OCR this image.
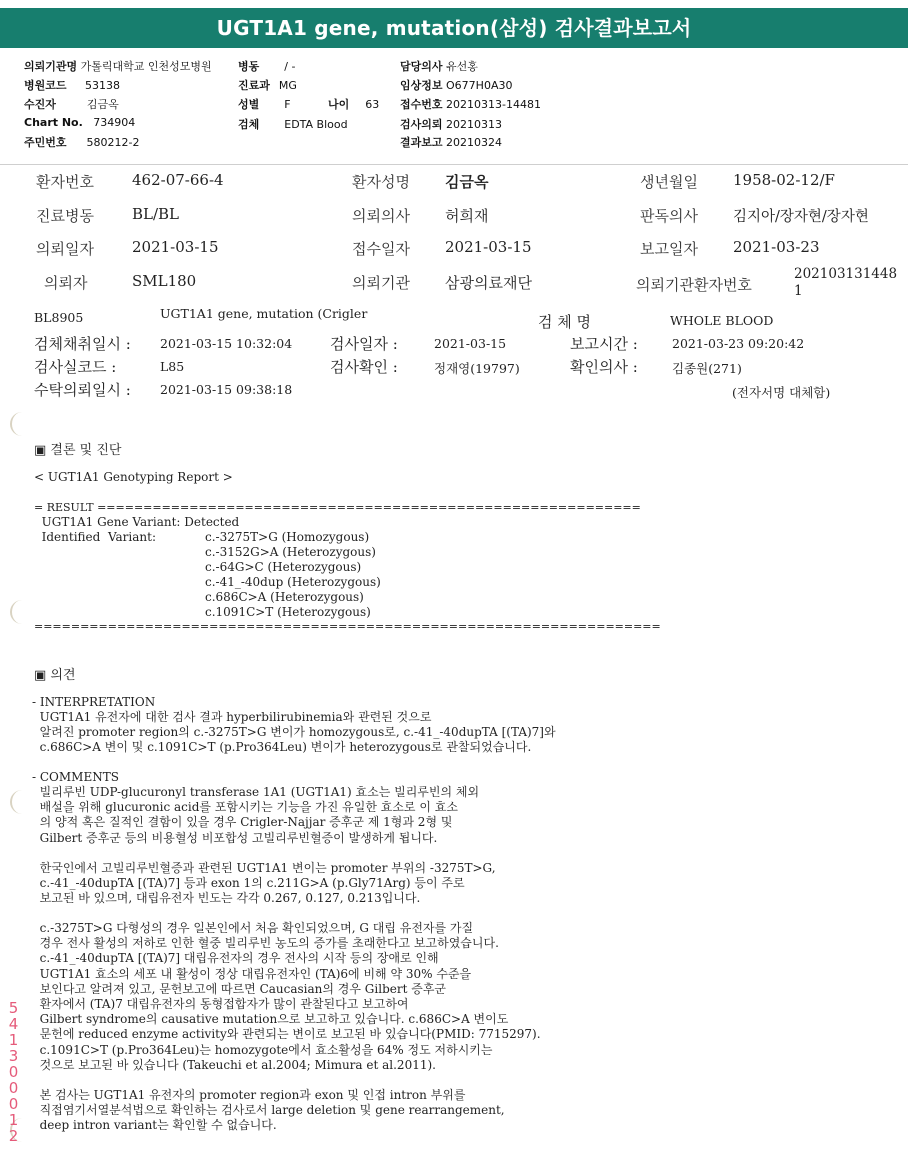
UGT1A1 gene, mutation(삼성) 검사결과보고서
의뢰기관명 가톨릭대학교 인천성모병원
병원코드 53138
수진자	김금옥
Chart No. 734904
주민번호 580212-2
병동 / -
진료과 MG
성별 F
검체 EDTA Blood
나이 63
담당의사 유선홍
임상정보 O677H0A30
접수번호 20210313-14481
검사의뢰 20210313
결과보고 20210324
환자번호	462-07-66-4	환자성명 김금옥	생년월일 1958-02-12/F
진료병동	BL/BL	의뢰의사 허희재	판독의사 김지아/장자현/장자현
의뢰일자	2021-03-15	접수일자 2021-03-15	보고일자 2021-03-23
의뢰자	SML180	의뢰기관 삼광의료재단	의뢰기관환자번호
202103131448
1
BL8905	UGT1A1 gene, mutation (Crigler	검 체 명	WHOLE BLOOD
검체채취일시 : 2021-03-15 10:32:04	검사일자 :	2021-03-15	보고시간 :	2021-03-23 09:20:42
검사실코드 :	L85	검사확인 :	정재영(19797)	확인의사 :	김종원(271)
수탁의뢰일시 : 2021-03-15 09:38:18	(전자서명 대체함)
▣ 결론 및 진단
< UGT1A1 Genotyping Report >
= RESULT ===========================================================
UGT1A1 Gene Variant: Detected
Identified  Variant:	c.-3275T>G (Homozygous)
c.-3152G>A (Heterozygous)
c.-64G>C (Heterozygous)
c.-41_-40dup (Heterozygous)
c.686C>A (Heterozygous)
c.1091C>T (Heterozygous)
====================================================================
▣ 의견
- INTERPRETATION
UGT1A1 유전자에 대한 검사 결과 hyperbilirubinemia와 관련된 것으로
알려진 promoter region의 c.-3275T>G 변이가 homozygous로, c.-41_-40dupTA [(TA)7]와
c.686C>A 변이 및 c.1091C>T (p.Pro364Leu) 변이가 heterozygous로 관찰되었습니다.
- COMMENTS
빌리루빈 UDP-glucuronyl transferase 1A1 (UGT1A1) 효소는 빌리루빈의 체외
배설을 위해 glucuronic acid를 포함시키는 기능을 가진 유일한 효소로 이 효소
의 양적 혹은 질적인 결함이 있을 경우 Crigler-Najjar 증후군 제 1형과 2형 및
Gilbert 증후군 등의 비용혈성 비포합성 고빌리루빈혈증이 발생하게 됩니다.
한국인에서 고빌리루빈혈증과 관련된 UGT1A1 변이는 promoter 부위의 -3275T>G,
c.-41_-40dupTA [(TA)7] 등과 exon 1의 c.211G>A (p.Gly71Arg) 등이 주로
보고된 바 있으며, 대립유전자 빈도는 각각 0.267, 0.127, 0.213입니다.
c.-3275T>G 다형성의 경우 일본인에서 처음 확인되었으며, G 대립 유전자를 가질
경우 전사 활성의 저하로 인한 혈중 빌리루빈 농도의 증가를 초래한다고 보고하였습니다.
c.-41_-40dupTA [(TA)7] 대립유전자의 경우 전사의 시작 등의 장애로 인해
UGT1A1 효소의 세포 내 활성이 정상 대립유전자인 (TA)6에 비해 약 30% 수준을
보인다고 알려져 있고, 문헌보고에 따르면 Caucasian의 경우 Gilbert 증후군
환자에서 (TA)7 대립유전자의 동형접합자가 많이 관찰된다고 보고하여
Gilbert syndrome의 causative mutation으로 보고하고 있습니다. c.686C>A 변이도
문헌에 reduced enzyme activity와 관련되는 변이로 보고된 바 있습니다(PMID: 7715297).
c.1091C>T (p.Pro364Leu)는 homozygote에서 효소활성을 64% 정도 저하시키는
것으로 보고된 바 있습니다 (Takeuchi et al.2004; Mimura et al.2011).
본 검사는 UGT1A1 유전자의 promoter region과 exon 및 인접 intron 부위를
직접염기서열분석법으로 확인하는 검사로서 large deletion 및 gene rearrangement,
deep intron variant는 확인할 수 없습니다.
541300012
